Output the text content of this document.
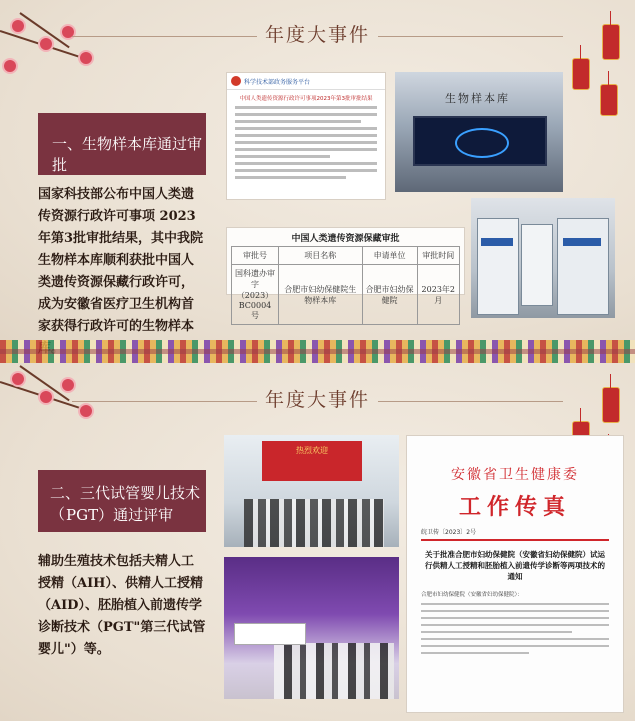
年度大事件
一、生物样本库通过审批
国家科技部公布中国人类遗传资源行政许可事项 2023年第3批审批结果，其中我院生物样本库顺利获批中国人类遗传资源保藏行政许可，成为安徽省医疗卫生机构首家获得行政许可的生物样本
科学技术部政务服务平台
中国人类遗传资源行政许可事项2023年第3批审批结果	生物样本库
中国人类遗传资源保藏审批
审批号	项目名称	申请单位	审批时间
国科遗办审字（2023）BC0004号	合肥市妇幼保健院生物样本库	合肥市妇幼保健院	2023年2月
年度大事件
二、三代试管婴儿技术（ PGT）通过评审
辅助生殖技术包括夫精人工授精（AIH）、供精人工授精（AID）、胚胎植入前遗传学诊断技术（PGT"第三代试管婴儿"）等。
热烈欢迎
安徽省卫生健康委
工作传真
皖卫传〔2023〕2号
关于批准合肥市妇幼保健院（安徽省妇幼保健院）试运行供精人工授精和胚胎植入前遗传学诊断等两项技术的通知
合肥市妇幼保健院（安徽省妇幼保健院）：
